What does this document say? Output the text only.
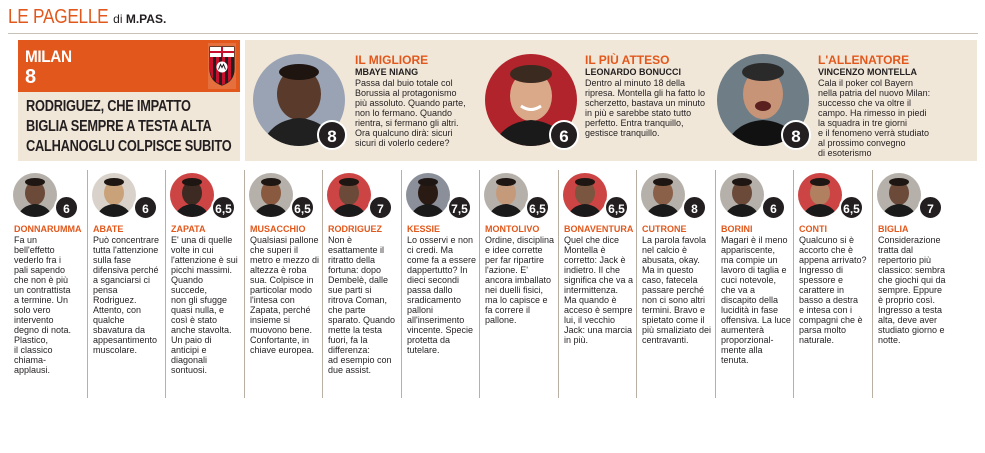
LE PAGELLE di M.PAS.
MILAN
8
RODRIGUEZ, CHE IMPATTO
BIGLIA SEMPRE A TESTA ALTA
CALHANOGLU COLPISCE SUBITO
8
IL MIGLIORE
MBAYE NIANG
Passa dal buio totale col
Borussia al protagonismo
più assoluto. Quando parte,
non lo fermano. Quando
rientra, si fermano gli altri.
Ora qualcuno dirà: sicuri
sicuri di volerlo cedere?	6
IL PIÙ ATTESO
LEONARDO BONUCCI
Dentro al minuto 18 della
ripresa. Montella gli ha fatto lo
scherzetto, bastava un minuto
in più e sarebbe stato tutto
perfetto. Entra tranquillo,
gestisce tranquillo.	8
L'ALLENATORE
VINCENZO MONTELLA
Cala il poker col Bayern
nella patria del nuovo Milan:
successo che va oltre il
campo. Ha rimesso in piedi
la squadra in tre giorni
e il fenomeno verrà studiato
al prossimo convegno
di esoterismo
6
DONNARUMMA
Fa un
bell'effetto
vederlo fra i
pali sapendo
che non è più
un contrattista
a termine. Un
solo vero
intervento
degno di nota.
Plastico,
il classico
chiama-
applausi.
6
ABATE
Può concentrare
tutta l'attenzione
sulla fase
difensiva perché
a sganciarsi ci
pensa Rodriguez.
Attento, con
qualche
sbavatura da
appesantimento
muscolare.
6,5
ZAPATA
E' una di quelle
volte in cui
l'attenzione è sui
picchi massimi.
Quando succede,
non gli sfugge
quasi nulla, e
così è stato
anche stavolta.
Un paio di
anticipi e
diagonali
sontuosi.
6,5
MUSACCHIO
Qualsiasi pallone
che superi il
metro e mezzo di
altezza è roba
sua. Colpisce in
particolar modo
l'intesa con
Zapata, perché
insieme si
muovono bene.
Confortante, in
chiave europea.
7
RODRIGUEZ
Non è
esattamente il
ritratto della
fortuna: dopo
Dembelè, dalle
sue parti si
ritrova Coman,
che parte
sparato. Quando
mette la testa
fuori, fa la
differenza:
ad esempio con
due assist.
7,5
KESSIE
Lo osservi e non
ci credi. Ma
come fa a essere
dappertutto? In
dieci secondi
passa dallo
sradicamento
palloni
all'inserimento
vincente. Specie
protetta da
tutelare.
6,5
MONTOLIVO
Ordine, disciplina
e idee corrette
per far ripartire
l'azione. E'
ancora imballato
nei duelli fisici,
ma lo capisce e
fa correre il
pallone.
6,5
BONAVENTURA
Quel che dice
Montella è
corretto: Jack è
indietro. Il che
significa che va a
intermittenza.
Ma quando è
acceso è sempre
lui, il vecchio
Jack: una marcia
in più.
8
CUTRONE
La parola favola
nel calcio è
abusata, okay.
Ma in questo
caso, fatecela
passare perché
non ci sono altri
termini. Bravo e
spietato come il
più smaliziato dei
centravanti.
6
BORINI
Magari è il meno
appariscente,
ma compie un
lavoro di taglia e
cuci notevole,
che va a
discapito della
lucidità in fase
offensiva. La luce
aumenterà
proporzional-
mente alla
tenuta.
6,5
CONTI
Qualcuno si è
accorto che è
appena arrivato?
Ingresso di
spessore e
carattere in
basso a destra
e intesa con i
compagni che è
parsa molto
naturale.
7
BIGLIA
Considerazione
tratta dal
repertorio più
classico: sembra
che giochi qui da
sempre. Eppure
è proprio così.
Ingresso a testa
alta, deve aver
studiato giorno e
notte.
